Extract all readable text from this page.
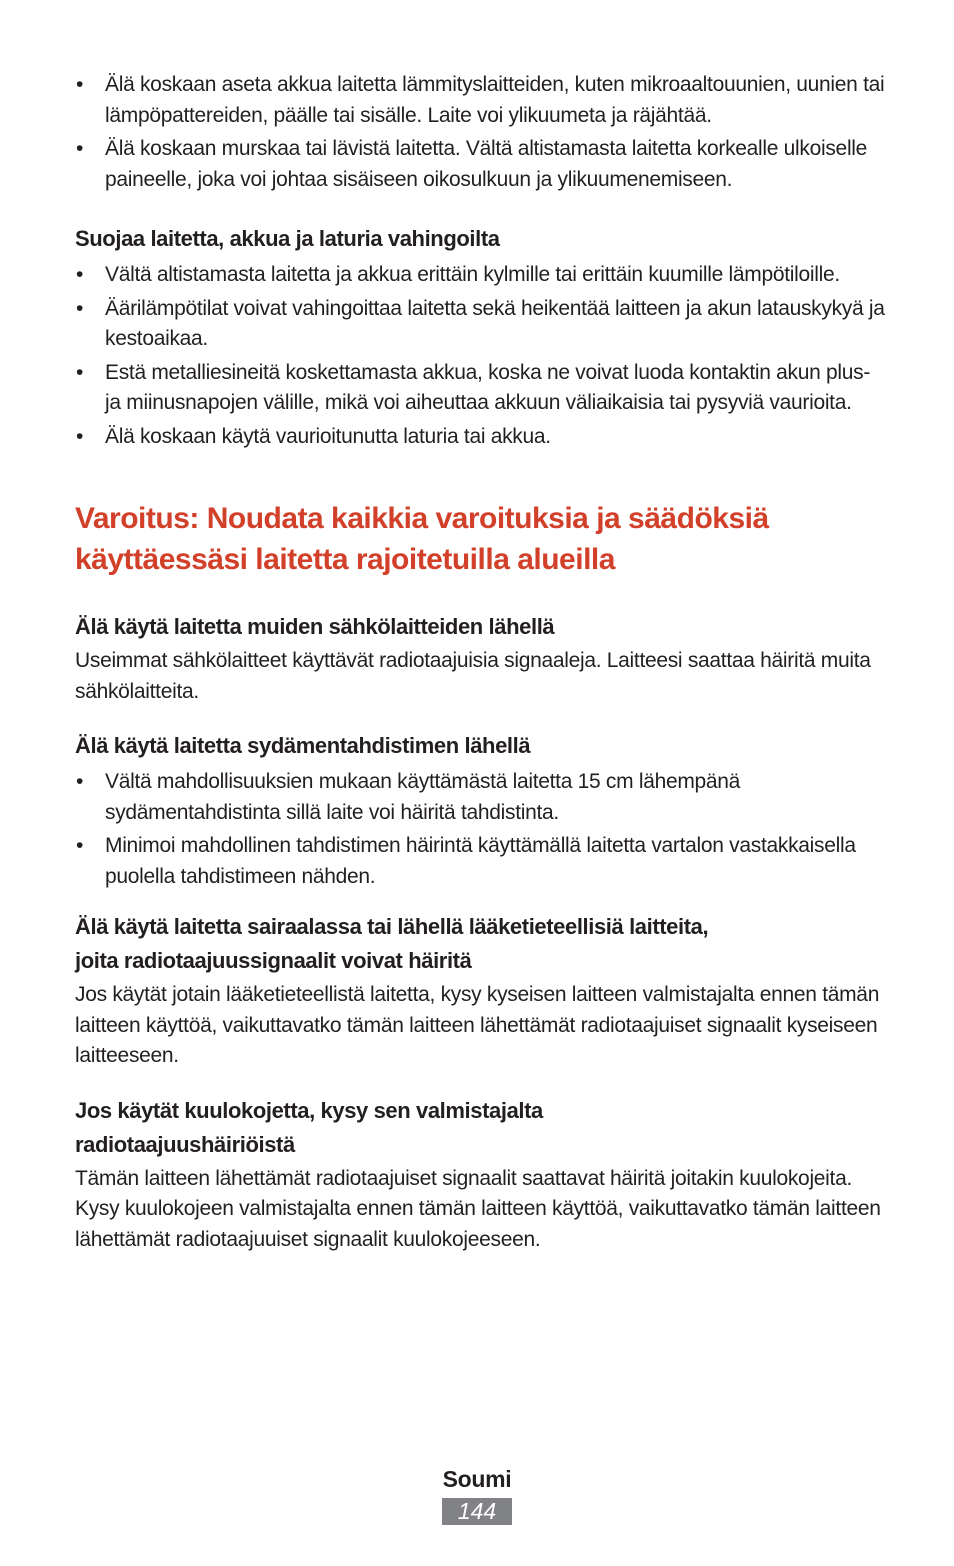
• Älä koskaan aseta akkua laitetta lämmityslaitteiden, kuten mikroaaltouunien, uunien tai lämpöpattereiden, päälle tai sisälle. Laite voi ylikuumeta ja räjähtää.
• Älä koskaan murskaa tai lävistä laitetta. Vältä altistamasta laitetta korkealle ulkoiselle paineelle, joka voi johtaa sisäiseen oikosulkuun ja ylikuumenemiseen.
Suojaa laitetta, akkua ja laturia vahingoilta
• Vältä altistamasta laitetta ja akkua erittäin kylmille tai erittäin kuumille lämpötiloille.
• Äärilämpötilat voivat vahingoittaa laitetta sekä heikentää laitteen ja akun latauskykyä ja kestoaikaa.
• Estä metalliesineitä koskettamasta akkua, koska ne voivat luoda kontaktin akun plus- ja miinusnapojen välille, mikä voi aiheuttaa akkuun väliaikaisia tai pysyviä vaurioita.
• Älä koskaan käytä vaurioitunutta laturia tai akkua.
Varoitus: Noudata kaikkia varoituksia ja säädöksiä
käyttäessäsi laitetta rajoitetuilla alueilla
Älä käytä laitetta muiden sähkölaitteiden lähellä

Useimmat sähkölaitteet käyttävät radiotaajuisia signaaleja. Laitteesi saattaa häiritä muita sähkölaitteita.

Älä käytä laitetta sydämentahdistimen lähellä
• Vältä mahdollisuuksien mukaan käyttämästä laitetta 15 cm lähempänä sydämentahdistinta sillä laite voi häiritä tahdistinta.
• Minimoi mahdollinen tahdistimen häirintä käyttämällä laitetta vartalon vastakkaisella puolella tahdistimeen nähden.
Älä käytä laitetta sairaalassa tai lähellä lääketieteellisiä laitteita,
joita radiotaajuussignaalit voivat häiritä

Jos käytät jotain lääketieteellistä laitetta, kysy kyseisen laitteen valmistajalta ennen tämän laitteen käyttöä, vaikuttavatko tämän laitteen lähettämät radiotaajuiset signaalit kyseiseen laitteeseen.

Jos käytät kuulokojetta, kysy sen valmistajalta
radiotaajuushäiriöistä

Tämän laitteen lähettämät radiotaajuiset signaalit saattavat häiritä joitakin kuulokojeita. Kysy kuulokojeen valmistajalta ennen tämän laitteen käyttöä, vaikuttavatko tämän laitteen lähettämät radiotaajuuiset signaalit kuulokojeeseen.

Soumi
144
